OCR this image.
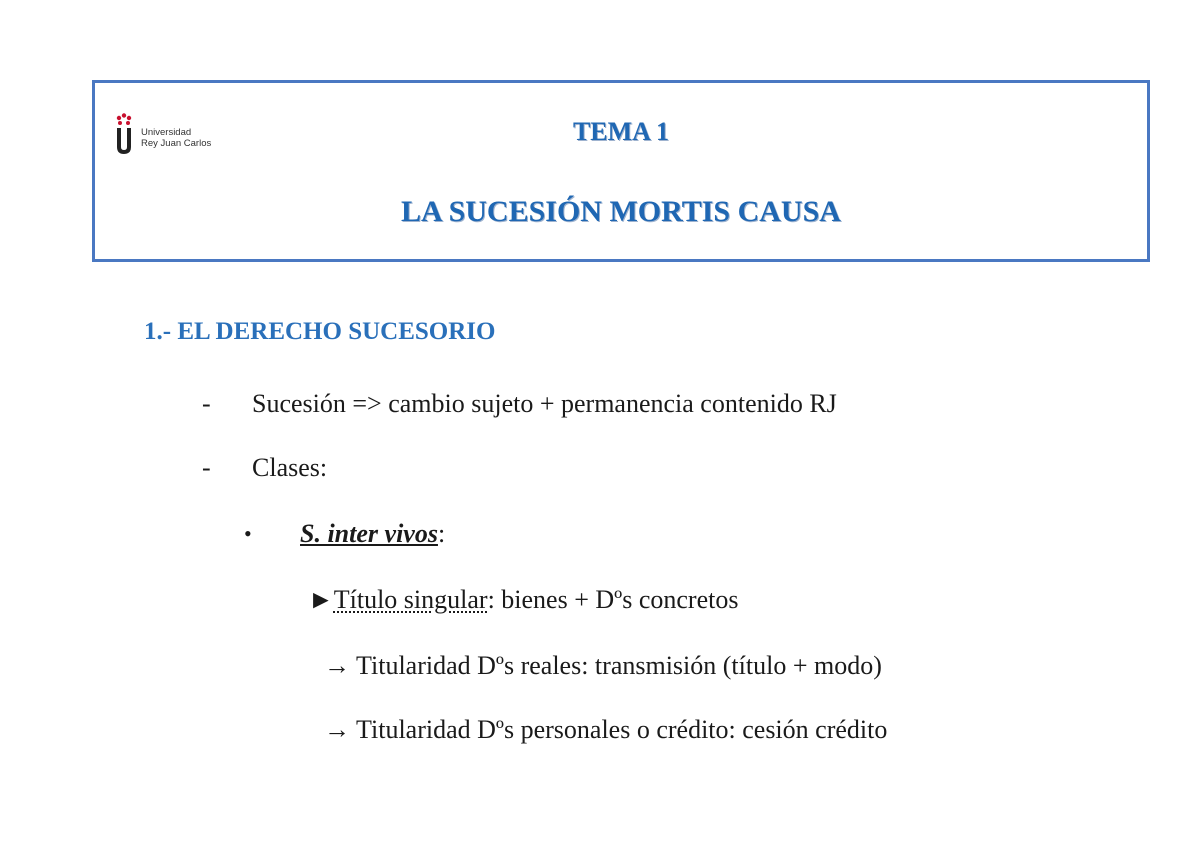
Universidad
Rey Juan Carlos	TEMA 1

LA SUCESIÓN MORTIS CAUSA

1.- EL DERECHO SUCESORIO
- Sucesión => cambio sujeto + permanencia contenido RJ

- Clases:

• S. inter vivos:

►Título singular: bienes + Dºs concretos

→ Titularidad Dºs reales: transmisión (título + modo)

→ Titularidad Dºs personales o crédito: cesión crédito
